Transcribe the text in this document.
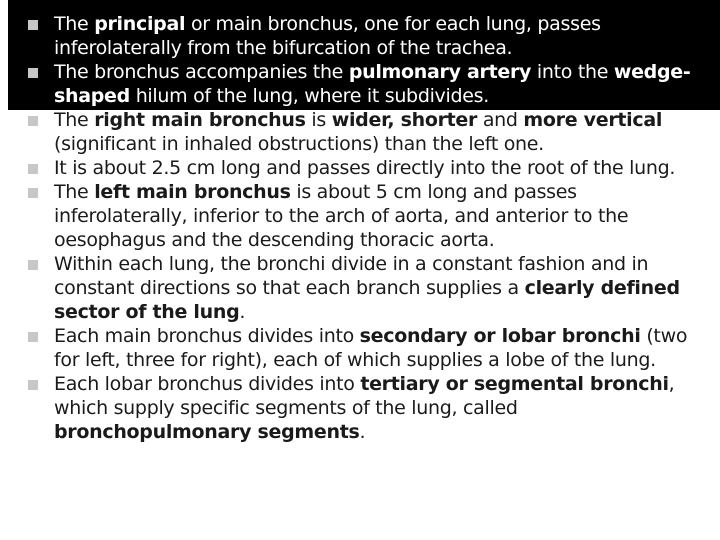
The principal or main bronchus, one for each lung, passes inferolaterally from the bifurcation of the trachea.
The bronchus accompanies the pulmonary artery into the wedge-shaped hilum of the lung, where it subdivides.
The right main bronchus is wider, shorter and more vertical (significant in inhaled obstructions) than the left one.
It is about 2.5 cm long and passes directly into the root of the lung.
The left main bronchus is about 5 cm long and passes inferolaterally, inferior to the arch of aorta, and anterior to the oesophagus and the descending thoracic aorta.
Within each lung, the bronchi divide in a constant fashion and in constant directions so that each branch supplies a clearly defined sector of the lung.
Each main bronchus divides into secondary or lobar bronchi (two for left, three for right), each of which supplies a lobe of the lung.
Each lobar bronchus divides into tertiary or segmental bronchi, which supply specific segments of the lung, called bronchopulmonary segments.
